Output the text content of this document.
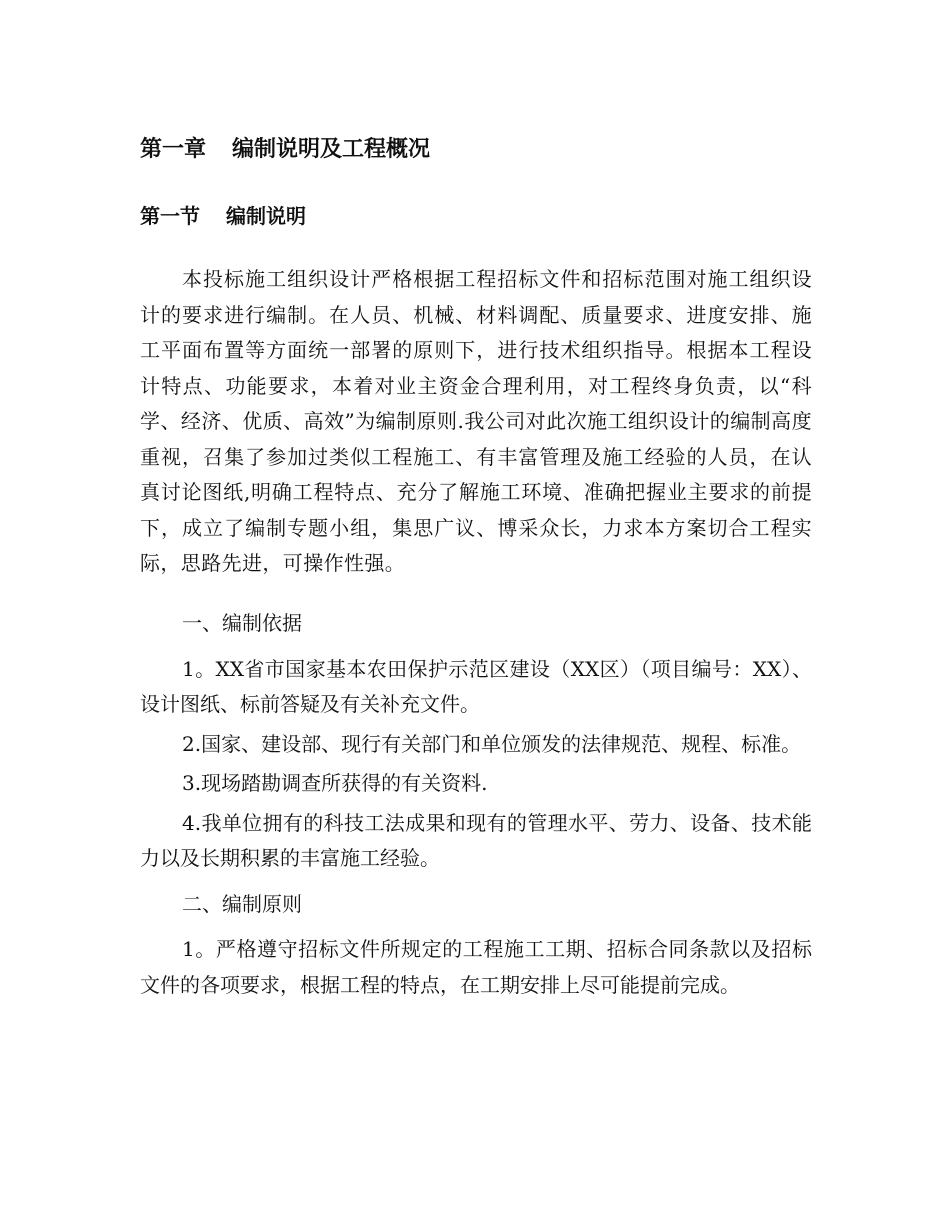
第一章 编制说明及工程概况
第一节 编制说明

本投标施工组织设计严格根据工程招标文件和招标范围对施工组织设计的要求进行编制。在人员、机械、材料调配、质量要求、进度安排、施工平面布置等方面统一部署的原则下，进行技术组织指导。根据本工程设计特点、功能要求，本着对业主资金合理利用，对工程终身负责，以“科学、经济、优质、高效”为编制原则.我公司对此次施工组织设计的编制高度重视，召集了参加过类似工程施工、有丰富管理及施工经验的人员，在认真讨论图纸,明确工程特点、充分了解施工环境、准确把握业主要求的前提下，成立了编制专题小组，集思广议、博采众长，力求本方案切合工程实际，思路先进，可操作性强。

一、编制依据

1。XX省市国家基本农田保护示范区建设（XX区）（项目编号：XX）、设计图纸、标前答疑及有关补充文件。

2.国家、建设部、现行有关部门和单位颁发的法律规范、规程、标准。

3.现场踏勘调查所获得的有关资料.

4.我单位拥有的科技工法成果和现有的管理水平、劳力、设备、技术能力以及长期积累的丰富施工经验。

二、编制原则

1。严格遵守招标文件所规定的工程施工工期、招标合同条款以及招标文件的各项要求，根据工程的特点，在工期安排上尽可能提前完成。
